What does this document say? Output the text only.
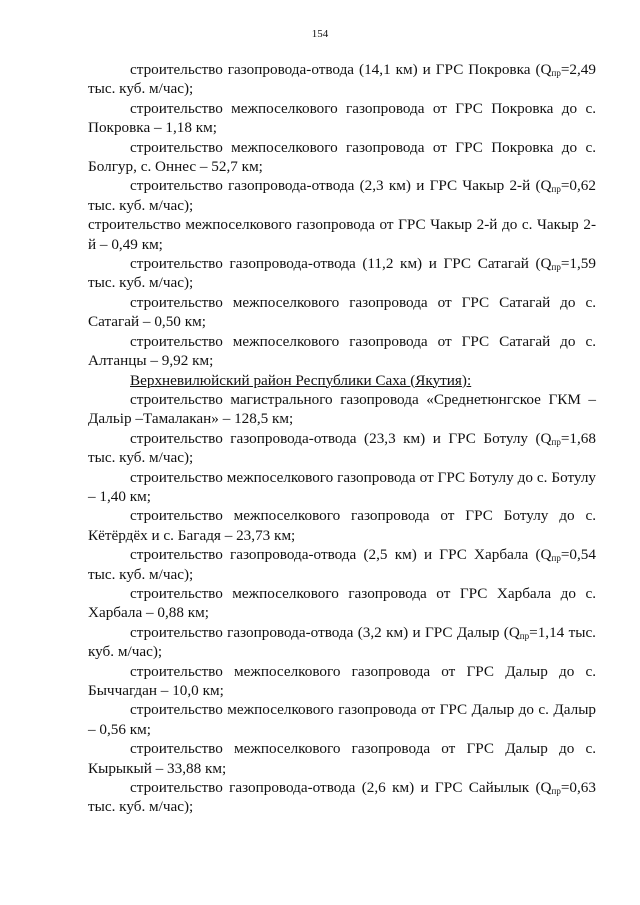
154

строительство газопровода-отвода (14,1 км) и ГРС Покровка ($Q_{пр}=2,49$ тыс. куб. м/час);

строительство межпоселкового газопровода от ГРС Покровка до с. Покровка – 1,18 км;

строительство межпоселкового газопровода от ГРС Покровка до с. Болгур, с. Оннес – 52,7 км;

строительство газопровода-отвода (2,3 км) и ГРС Чакыр 2-й ($Q_{пр}=0,62$ тыс. куб. м/час);

строительство межпоселкового газопровода от ГРС Чакыр 2-й до с. Чакыр 2-й – 0,49 км;

строительство газопровода-отвода (11,2 км) и ГРС Сатагай ($Q_{пр}=1,59$ тыс. куб. м/час);

строительство межпоселкового газопровода от ГРС Сатагай до с. Сатагай – 0,50 км;

строительство межпоселкового газопровода от ГРС Сатагай до с. Алтанцы – 9,92 км;

Верхневилюйский район Республики Саха (Якутия):

строительство магистрального газопровода «Среднетюнгское ГКМ – Дальір –Тамалакан» – 128,5 км;

строительство газопровода-отвода (23,3 км) и ГРС Ботулу ($Q_{пр}=1,68$ тыс. куб. м/час);

строительство межпоселкового газопровода от ГРС Ботулу до с. Ботулу – 1,40 км;

строительство межпоселкового газопровода от ГРС Ботулу до с. Кётёрдёх и с. Багадя – 23,73 км;

строительство газопровода-отвода (2,5 км) и ГРС Харбала ($Q_{пр}=0,54$ тыс. куб. м/час);

строительство межпоселкового газопровода от ГРС Харбала до с. Харбала – 0,88 км;

строительство газопровода-отвода (3,2 км) и ГРС Далыр ($Q_{пр}=1,14$ тыс. куб. м/час);

строительство межпоселкового газопровода от ГРС Далыр до с. Быччагдан – 10,0 км;

строительство межпоселкового газопровода от ГРС Далыр до с. Далыр – 0,56 км;

строительство межпоселкового газопровода от ГРС Далыр до с. Кырыкый – 33,88 км;

строительство газопровода-отвода (2,6 км) и ГРС Сайылык ($Q_{пр}=0,63$ тыс. куб. м/час);
